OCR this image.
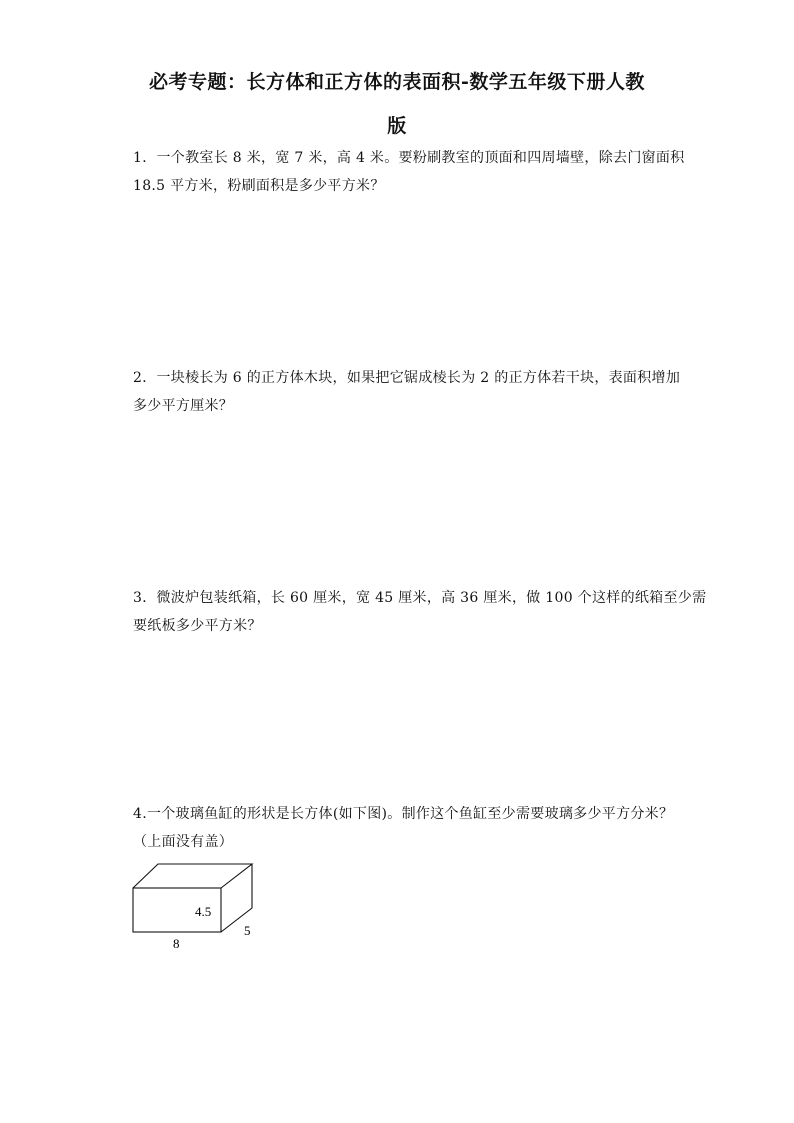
必考专题：长方体和正方体的表面积-数学五年级下册人教
版
1．一个教室长 8 米，宽 7 米，高 4 米。要粉刷教室的顶面和四周墙壁，除去门窗面积
18.5 平方米，粉刷面积是多少平方米？
2．一块棱长为 6 的正方体木块，如果把它锯成棱长为 2 的正方体若干块，表面积增加
多少平方厘米？
3．微波炉包装纸箱，长 60 厘米，宽 45 厘米，高 36 厘米，做 100 个这样的纸箱至少需
要纸板多少平方米？
4.一个玻璃鱼缸的形状是长方体(如下图)。制作这个鱼缸至少需要玻璃多少平方分米？
（上面没有盖）
4.5
8
5
